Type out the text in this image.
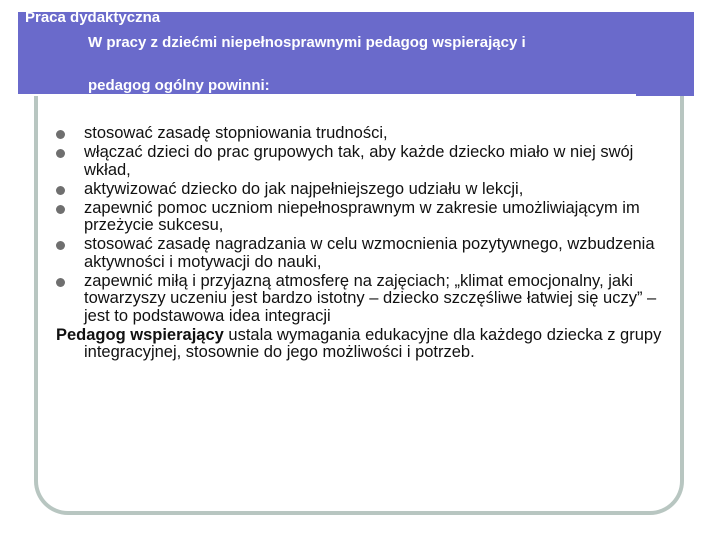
Praca dydaktyczna

W pracy z dziećmi niepełnosprawnymi pedagog wspierający i

pedagog ogólny powinni:

stosować zasadę stopniowania trudności,
włączać dzieci do prac grupowych tak, aby każde dziecko miało w niej swój wkład,
aktywizować dziecko do jak najpełniejszego udziału w lekcji,
zapewnić pomoc uczniom niepełnosprawnym w zakresie umożliwiającym im przeżycie sukcesu,
stosować zasadę nagradzania w celu wzmocnienia pozytywnego, wzbudzenia aktywności i motywacji do nauki,
zapewnić miłą i przyjazną atmosferę na zajęciach; „klimat emocjonalny, jaki towarzyszy uczeniu jest bardzo istotny – dziecko szczęśliwe łatwiej się uczy” – jest to podstawowa idea integracji

Pedagog wspierający ustala wymagania edukacyjne dla każdego dziecka z grupy integracyjnej, stosownie do jego możliwości i potrzeb.
